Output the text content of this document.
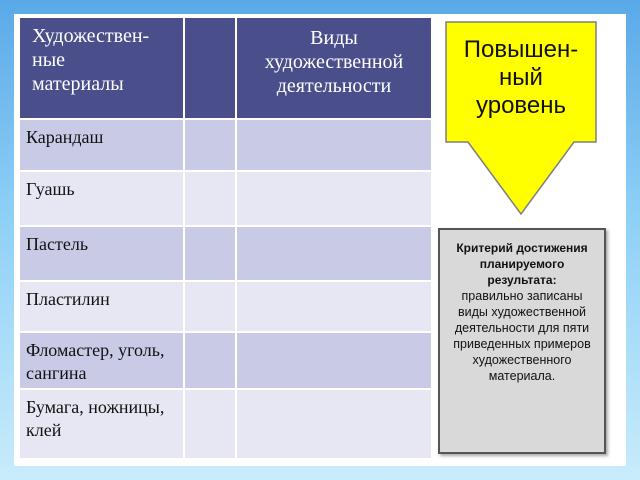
Художествен-
ные
материалы
Виды
художественной
деятельности
Карандаш
Гуашь
Пастель
Пластилин
Фломастер, уголь,
сангина
Бумага, ножницы,
клей
Повышен-
ный
уровень
Критерий достижения
планируемого
результата:
правильно записаны
виды художественной
деятельности для пяти
приведенных примеров
художественного
материала.
